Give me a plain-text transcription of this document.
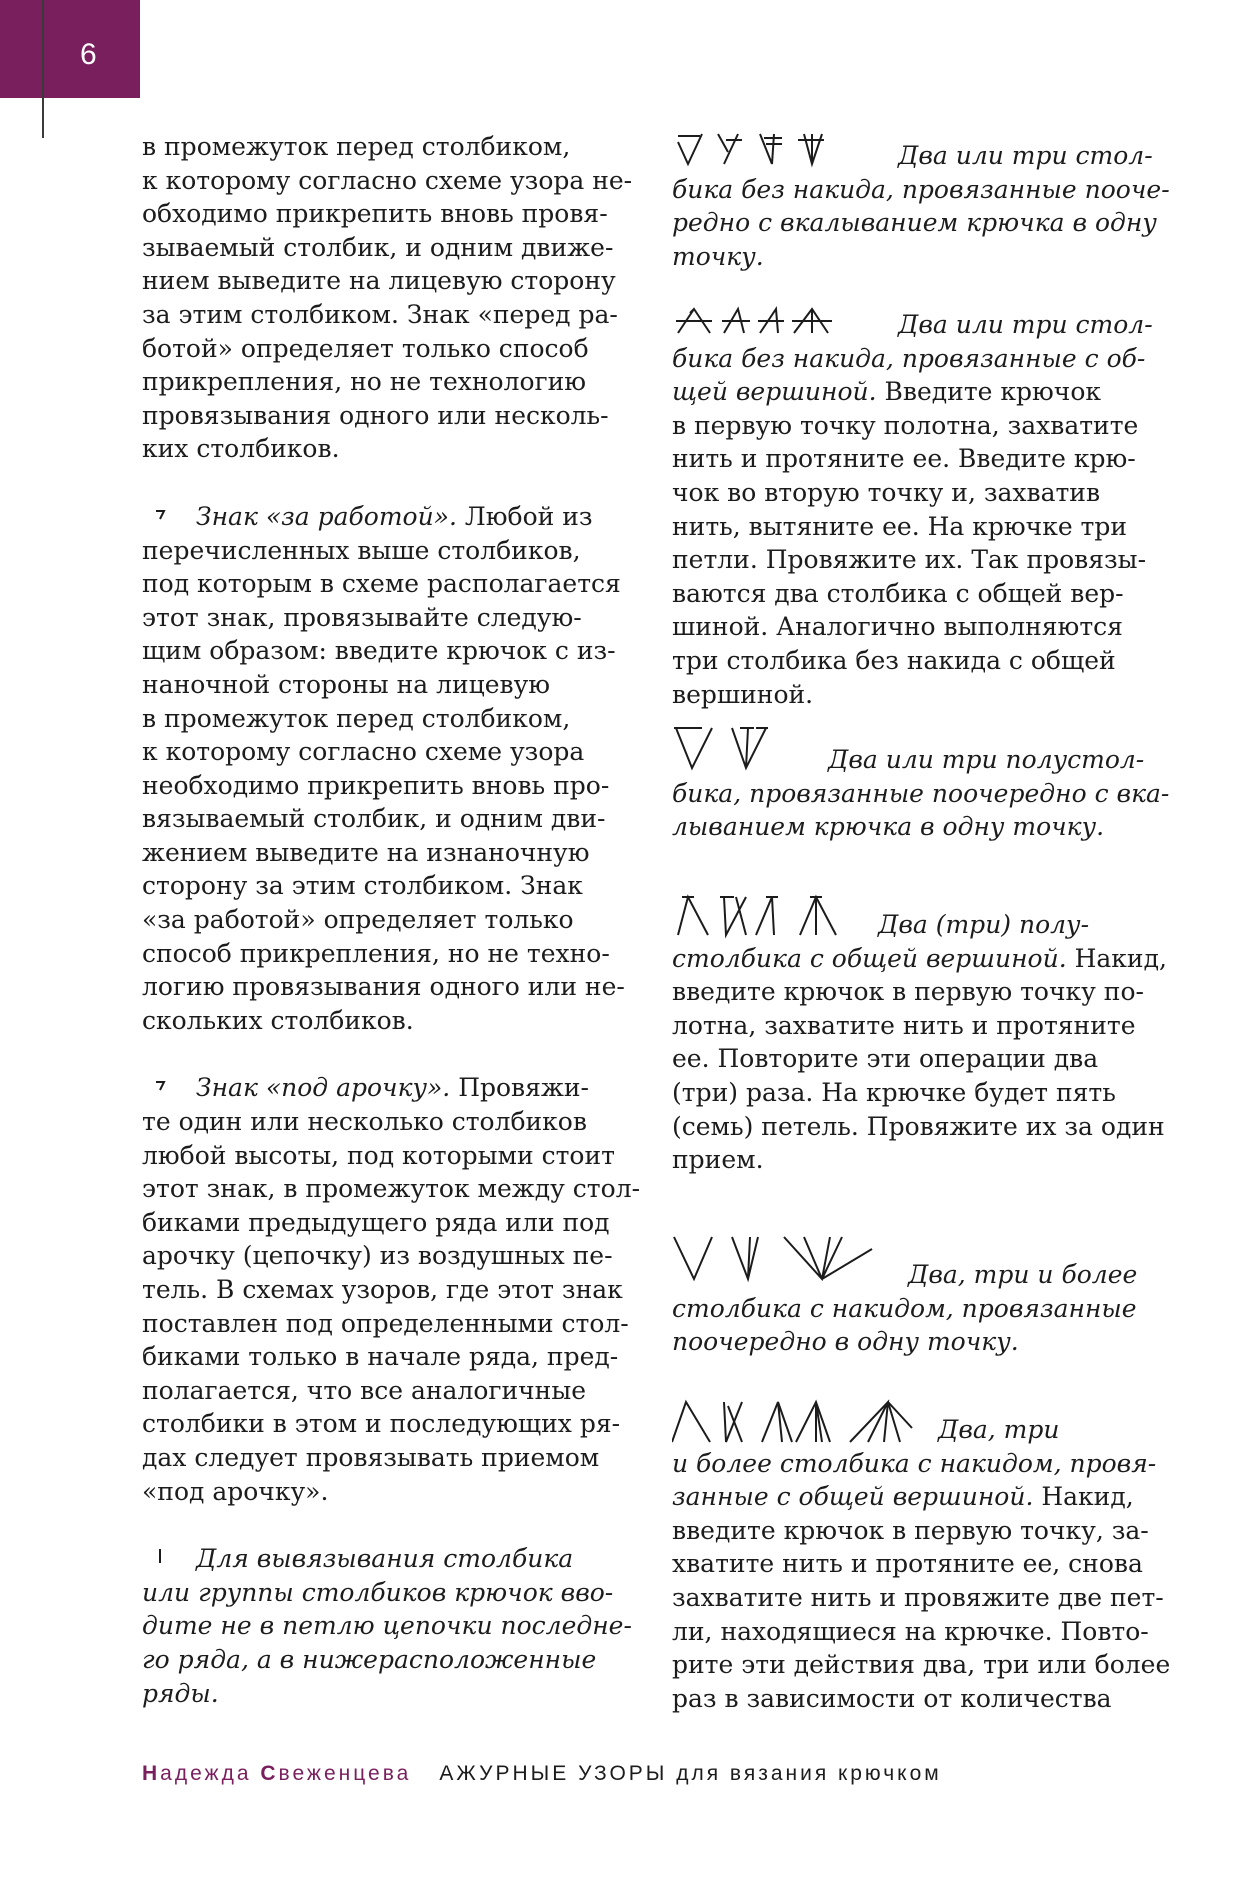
6

в промежуток перед столбиком,

к которому согласно схеме узора не-

обходимо прикрепить вновь провя-

зываемый столбик, и одним движе-

нием выведите на лицевую сторону

за этим столбиком. Знак «перед ра-

ботой» определяет только способ

прикрепления, но не технологию

провязывания одного или несколь-

ких столбиков.

Знак «за работой». Любой из

перечисленных выше столбиков,

под которым в схеме располагается

этот знак, провязывайте следую-

щим образом: введите крючок с из-

наночной стороны на лицевую

в промежуток перед столбиком,

к которому согласно схеме узора

необходимо прикрепить вновь про-

вязываемый столбик, и одним дви-

жением выведите на изнаночную

сторону за этим столбиком. Знак

«за работой» определяет только

способ прикрепления, но не техно-

логию провязывания одного или не-

скольких столбиков.

Знак «под арочку». Провяжи-

те один или несколько столбиков

любой высоты, под которыми стоит

этот знак, в промежуток между стол-

биками предыдущего ряда или под

арочку (цепочку) из воздушных пе-

тель. В схемах узоров, где этот знак

поставлен под определенными стол-

биками только в начале ряда, пред-

полагается, что все аналогичные

столбики в этом и последующих ря-

дах следует провязывать приемом

«под арочку».

Для вывязывания столбика

или группы столбиков крючок вво-

дите не в петлю цепочки последне-

го ряда, а в нижерасположенные

ряды.

Два или три стол-

бика без накида, провязанные поoче-

редно с вкалыванием крючка в одну

точку.

Два или три стол-

бика без накида, провязанные с об-

щей вершиной. Введите крючок

в первую точку полотна, захватите

нить и протяните ее. Введите крю-

чок во вторую точку и, захватив

нить, вытяните ее. На крючке три

петли. Провяжите их. Так провязы-

ваются два столбика с общей вер-

шиной. Аналогично выполняются

три столбика без накида с общей

вершиной.

Два или три полустол-

бика, провязанные поочередно с вка-

лыванием крючка в одну точку.

Два (три) полу-

столбика с общей вершиной. Накид,

введите крючок в первую точку по-

лотна, захватите нить и протяните

ее. Повторите эти операции два

(три) раза. На крючке будет пять

(семь) петель. Провяжите их за один

прием.

Два, три и более

столбика с накидом, провязанные

поочередно в одну точку.

Два, три

и более столбика с накидом, провя-

занные с общей вершиной. Накид,

введите крючок в первую точку, за-

хватите нить и протяните ее, снова

захватите нить и провяжите две пет-

ли, находящиеся на крючке. Повто-

рите эти действия два, три или более

раз в зависимости от количества

Надежда Свеженцева АЖУРНЫЕ УЗОРЫ для вязания крючком
